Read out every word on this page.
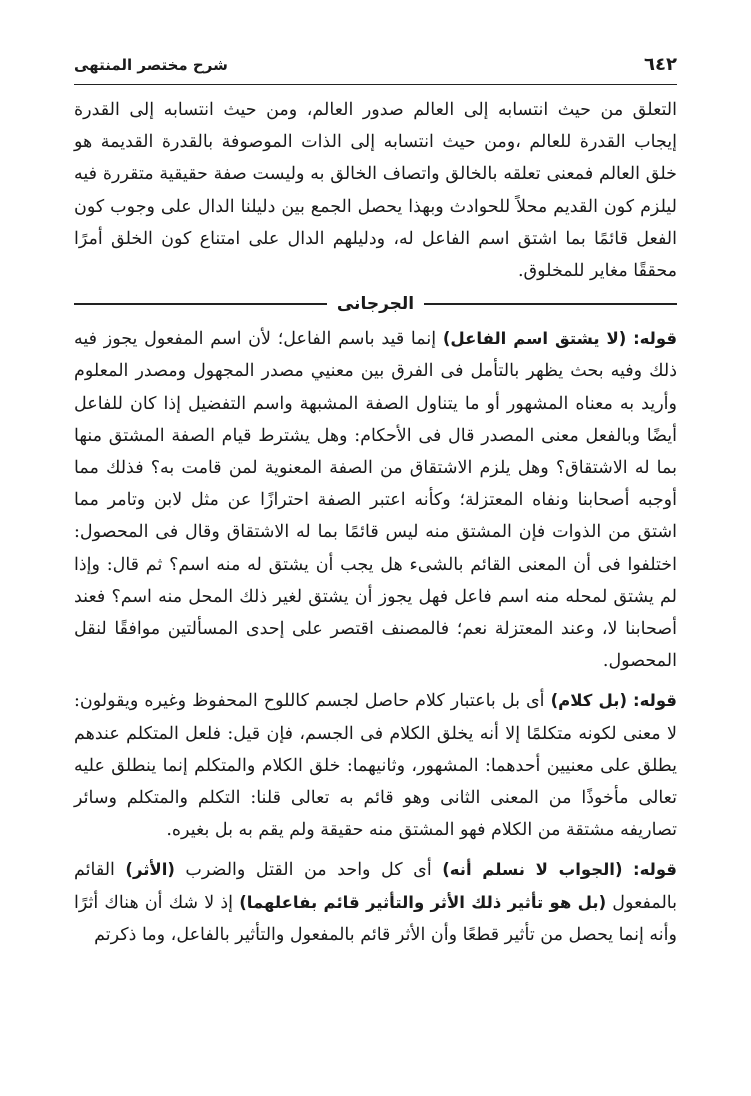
٦٤٢
شرح مختصر المنتهى

التعلق من حيث انتسابه إلى العالم صدور العالم، ومن حيث انتسابه إلى القدرة إيجاب القدرة للعالم ،ومن حيث انتسابه إلى الذات الموصوفة بالقدرة القديمة هو خلق العالم فمعنى تعلقه بالخالق واتصاف الخالق به وليست صفة حقيقية متقررة فيه ليلزم كون القديم محلاً للحوادث وبهذا يحصل الجمع بين دليلنا الدال على وجوب كون الفعل قائمًا بما اشتق اسم الفاعل له، ودليلهم الدال على امتناع كون الخلق أمرًا محققًا مغاير للمخلوق.

الجرجانى

قوله: (لا يشتق اسم الفاعل) إنما قيد باسم الفاعل؛ لأن اسم المفعول يجوز فيه ذلك وفيه بحث يظهر بالتأمل فى الفرق بين معنيي مصدر المجهول ومصدر المعلوم وأريد به معناه المشهور أو ما يتناول الصفة المشبهة واسم التفضيل إذا كان للفاعل أيضًا وبالفعل معنى المصدر قال فى الأحكام: وهل يشترط قيام الصفة المشتق منها بما له الاشتقاق؟ وهل يلزم الاشتقاق من الصفة المعنوية لمن قامت به؟ فذلك مما أوجبه أصحابنا ونفاه المعتزلة؛ وكأنه اعتبر الصفة احترازًا عن مثل لابن وتامر مما اشتق من الذوات فإن المشتق منه ليس قائمًا بما له الاشتقاق وقال فى المحصول: اختلفوا فى أن المعنى القائم بالشىء هل يجب أن يشتق له منه اسم؟ ثم قال: وإذا لم يشتق لمحله منه اسم فاعل فهل يجوز أن يشتق لغير ذلك المحل منه اسم؟ فعند أصحابنا لا، وعند المعتزلة نعم؛ فالمصنف اقتصر على إحدى المسألتين موافقًا لنقل المحصول.

قوله: (بل كلام) أى بل باعتبار كلام حاصل لجسم كاللوح المحفوظ وغيره ويقولون: لا معنى لكونه متكلمًا إلا أنه يخلق الكلام فى الجسم، فإن قيل: فلعل المتكلم عندهم يطلق على معنيين أحدهما: المشهور، وثانيهما: خلق الكلام والمتكلم إنما ينطلق عليه تعالى مأخوذًا من المعنى الثانى وهو قائم به تعالى قلنا: التكلم والمتكلم وسائر تصاريفه مشتقة من الكلام فهو المشتق منه حقيقة ولم يقم به بل بغيره.

قوله: (الجواب لا نسلم أنه) أى كل واحد من القتل والضرب (الأثر) القائم بالمفعول (بل هو تأثير ذلك الأثر والتأثير قائم بفاعلهما) إذ لا شك أن هناك أثرًا وأنه إنما يحصل من تأثير قطعًا وأن الأثر قائم بالمفعول والتأثير بالفاعل، وما ذكرتم
